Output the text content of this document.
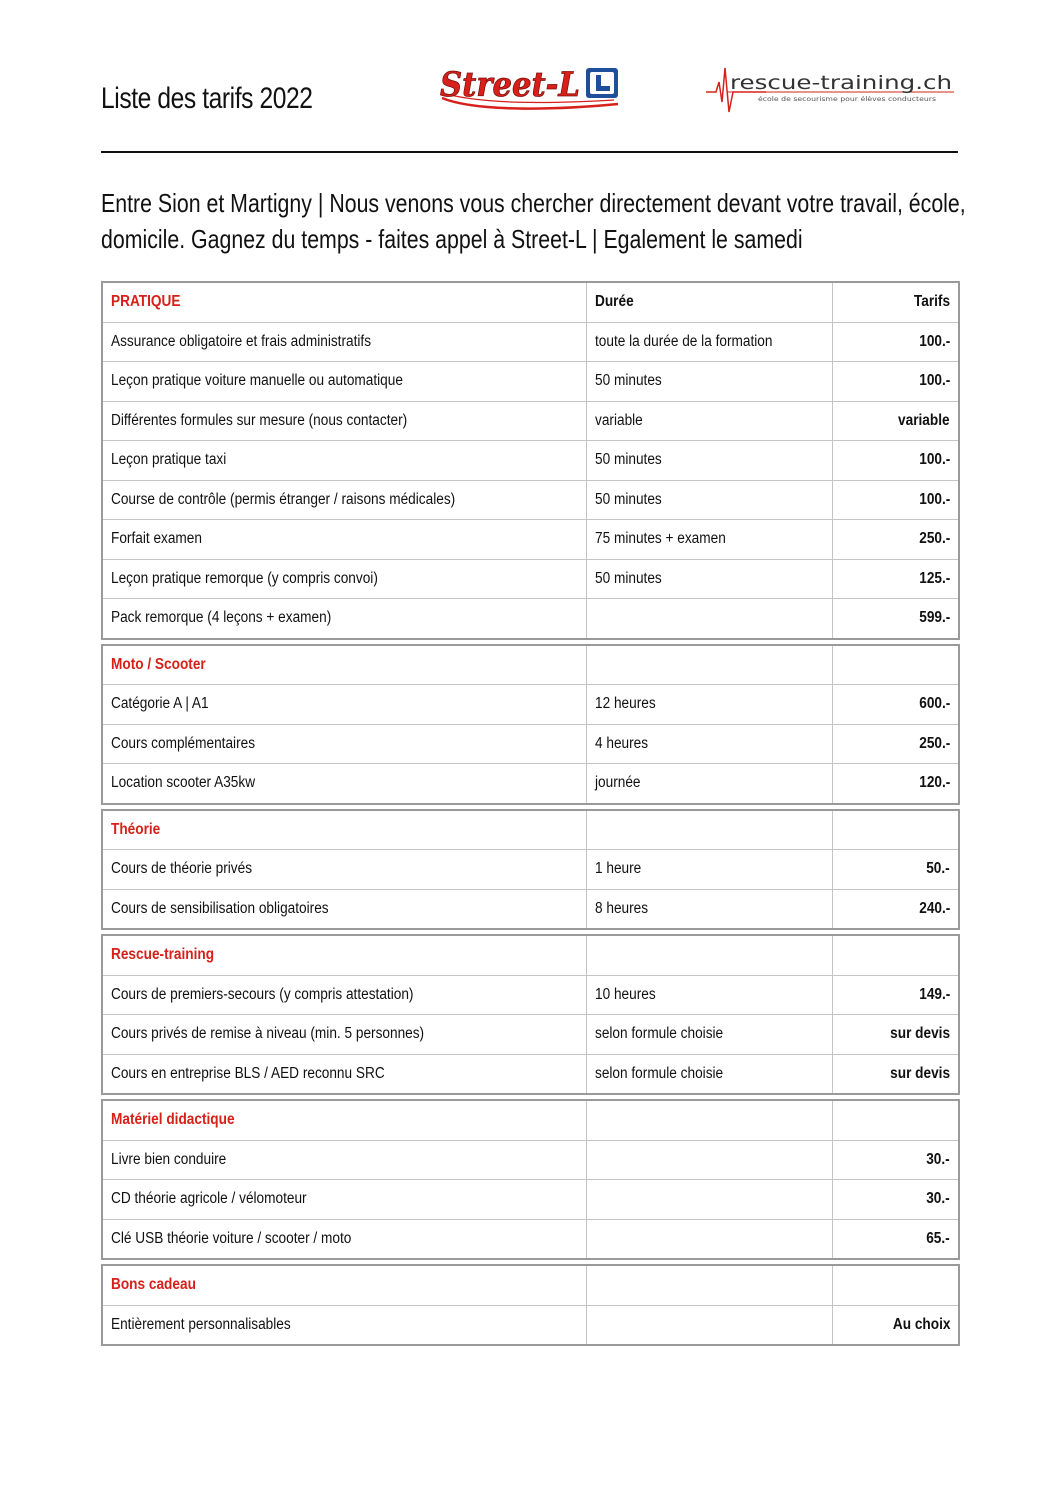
Liste des tarifs 2022	Street-L	rescue-training.ch
école de secourisme pour élèves conducteurs
Entre Sion et Martigny | Nous venons vous chercher directement devant votre travail, école,
domicile. Gagnez du temps - faites appel à Street-L | Egalement le samedi
PRATIQUE	Durée	Tarifs
Assurance obligatoire et frais administratifs	toute la durée de la formation	100.-
Leçon pratique voiture manuelle ou automatique	50 minutes	100.-
Différentes formules sur mesure (nous contacter)	variable	variable
Leçon pratique taxi	50 minutes	100.-
Course de contrôle (permis étranger / raisons médicales)	50 minutes	100.-
Forfait examen	75 minutes + examen	250.-
Leçon pratique remorque (y compris convoi)	50 minutes	125.-
Pack remorque (4 leçons + examen)		599.-
Moto / Scooter		
Catégorie A | A1	12 heures	600.-
Cours complémentaires	4 heures	250.-
Location scooter A35kw	journée	120.-
Théorie		
Cours de théorie privés	1 heure	50.-
Cours de sensibilisation obligatoires	8 heures	240.-
Rescue-training		
Cours de premiers-secours (y compris attestation)	10 heures	149.-
Cours privés de remise à niveau (min. 5 personnes)	selon formule choisie	sur devis
Cours en entreprise BLS / AED reconnu SRC	selon formule choisie	sur devis
Matériel didactique		
Livre bien conduire		30.-
CD théorie agricole / vélomoteur		30.-
Clé USB théorie voiture / scooter / moto		65.-
Bons cadeau		
Entièrement personnalisables		Au choix
